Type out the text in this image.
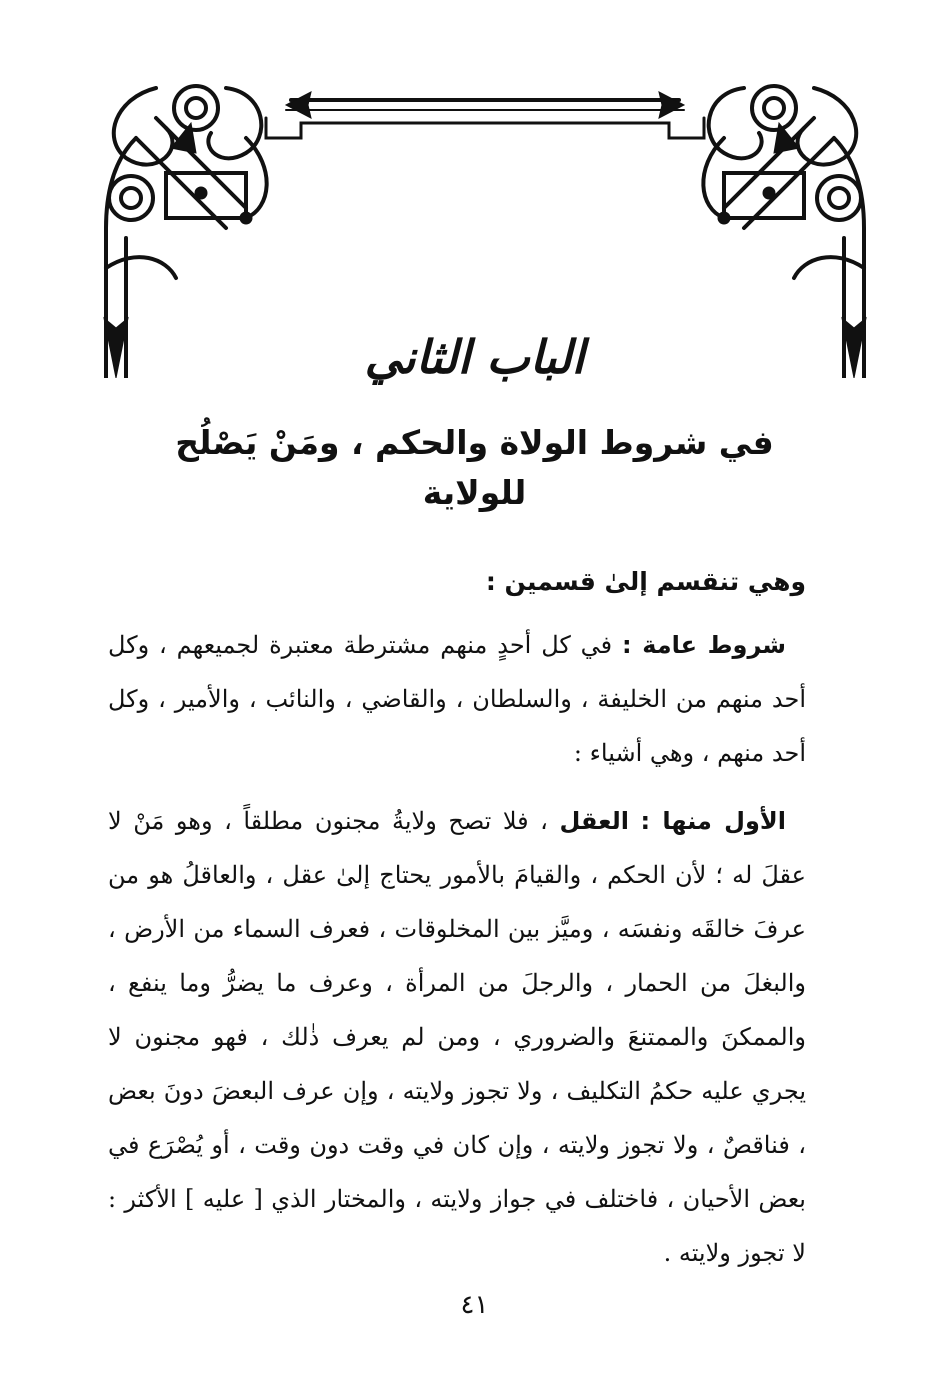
الباب الثاني
في شروط الولاة والحكم ، ومَنْ يَصْلُح للولاية
وهي تنقسم إلىٰ قسمين :
شروط عامة : في كل أحدٍ منهم مشترطة معتبرة لجميعهم ، وكل أحد منهم من الخليفة ، والسلطان ، والقاضي ، والنائب ، والأمير ، وكل أحد منهم ، وهي أشياء :
الأول منها : العقل ، فلا تصح ولايةُ مجنون مطلقاً ، وهو مَنْ لا عقلَ له ؛ لأن الحكم ، والقيامَ بالأمور يحتاج إلىٰ عقل ، والعاقلُ هو من عرفَ خالقَه ونفسَه ، وميَّز بين المخلوقات ، فعرف السماء من الأرض ، والبغلَ من الحمار ، والرجلَ من المرأة ، وعرف ما يضرُّ وما ينفع ، والممكنَ والممتنعَ والضروري ، ومن لم يعرف ذٰلك ، فهو مجنون لا يجري عليه حكمُ التكليف ، ولا تجوز ولايته ، وإن عرف البعضَ دونَ بعض ، فناقصٌ ، ولا تجوز ولايته ، وإن كان في وقت دون وقت ، أو يُصْرَع في بعض الأحيان ، فاختلف في جواز ولايته ، والمختار الذي [ عليه ] الأكثر : لا تجوز ولايته .
٤١
